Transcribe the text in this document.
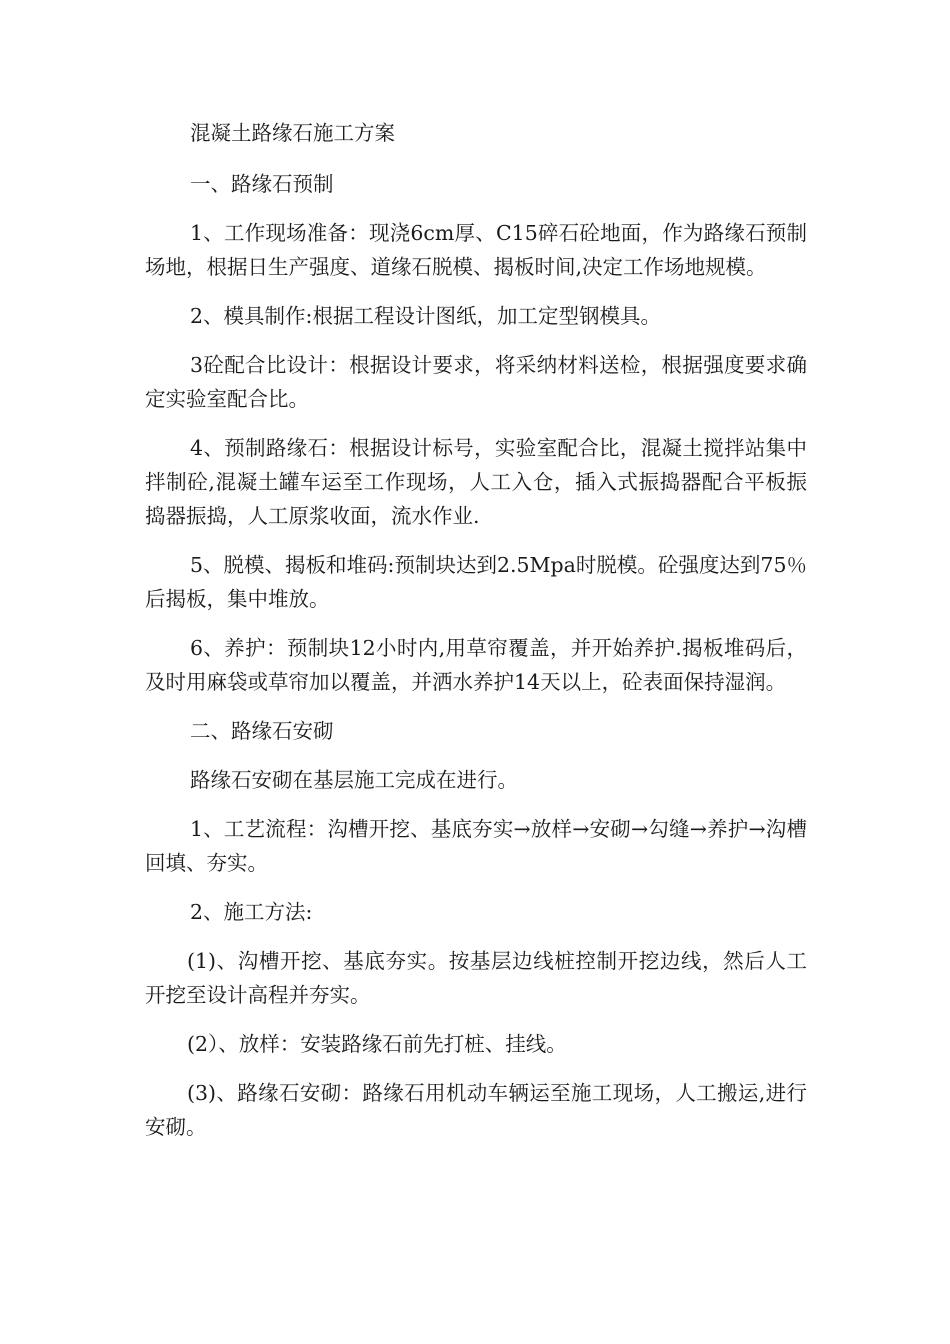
混凝土路缘石施工方案

一、路缘石预制

1、工作现场准备：现浇6cm厚、C15碎石砼地面，作为路缘石预制场地，根据日生产强度、道缘石脱模、揭板时间,决定工作场地规模。

2、模具制作:根据工程设计图纸，加工定型钢模具。

3砼配合比设计：根据设计要求，将采纳材料送检，根据强度要求确定实验室配合比。

4、预制路缘石：根据设计标号，实验室配合比，混凝土搅拌站集中拌制砼,混凝土罐车运至工作现场，人工入仓，插入式振捣器配合平板振捣器振捣，人工原浆收面，流水作业.

5、脱模、揭板和堆码:预制块达到2.5Mpa时脱模。砼强度达到75％后揭板，集中堆放。

6、养护：预制块12小时内,用草帘覆盖，并开始养护.揭板堆码后，及时用麻袋或草帘加以覆盖，并洒水养护14天以上，砼表面保持湿润。

二、路缘石安砌

路缘石安砌在基层施工完成在进行。

1、工艺流程：沟槽开挖、基底夯实→放样→安砌→勾缝→养护→沟槽回填、夯实。

2、施工方法:

(1)、沟槽开挖、基底夯实。按基层边线桩控制开挖边线，然后人工开挖至设计高程并夯实。

(2）、放样：安装路缘石前先打桩、挂线。

(3)、路缘石安砌：路缘石用机动车辆运至施工现场，人工搬运,进行安砌。
